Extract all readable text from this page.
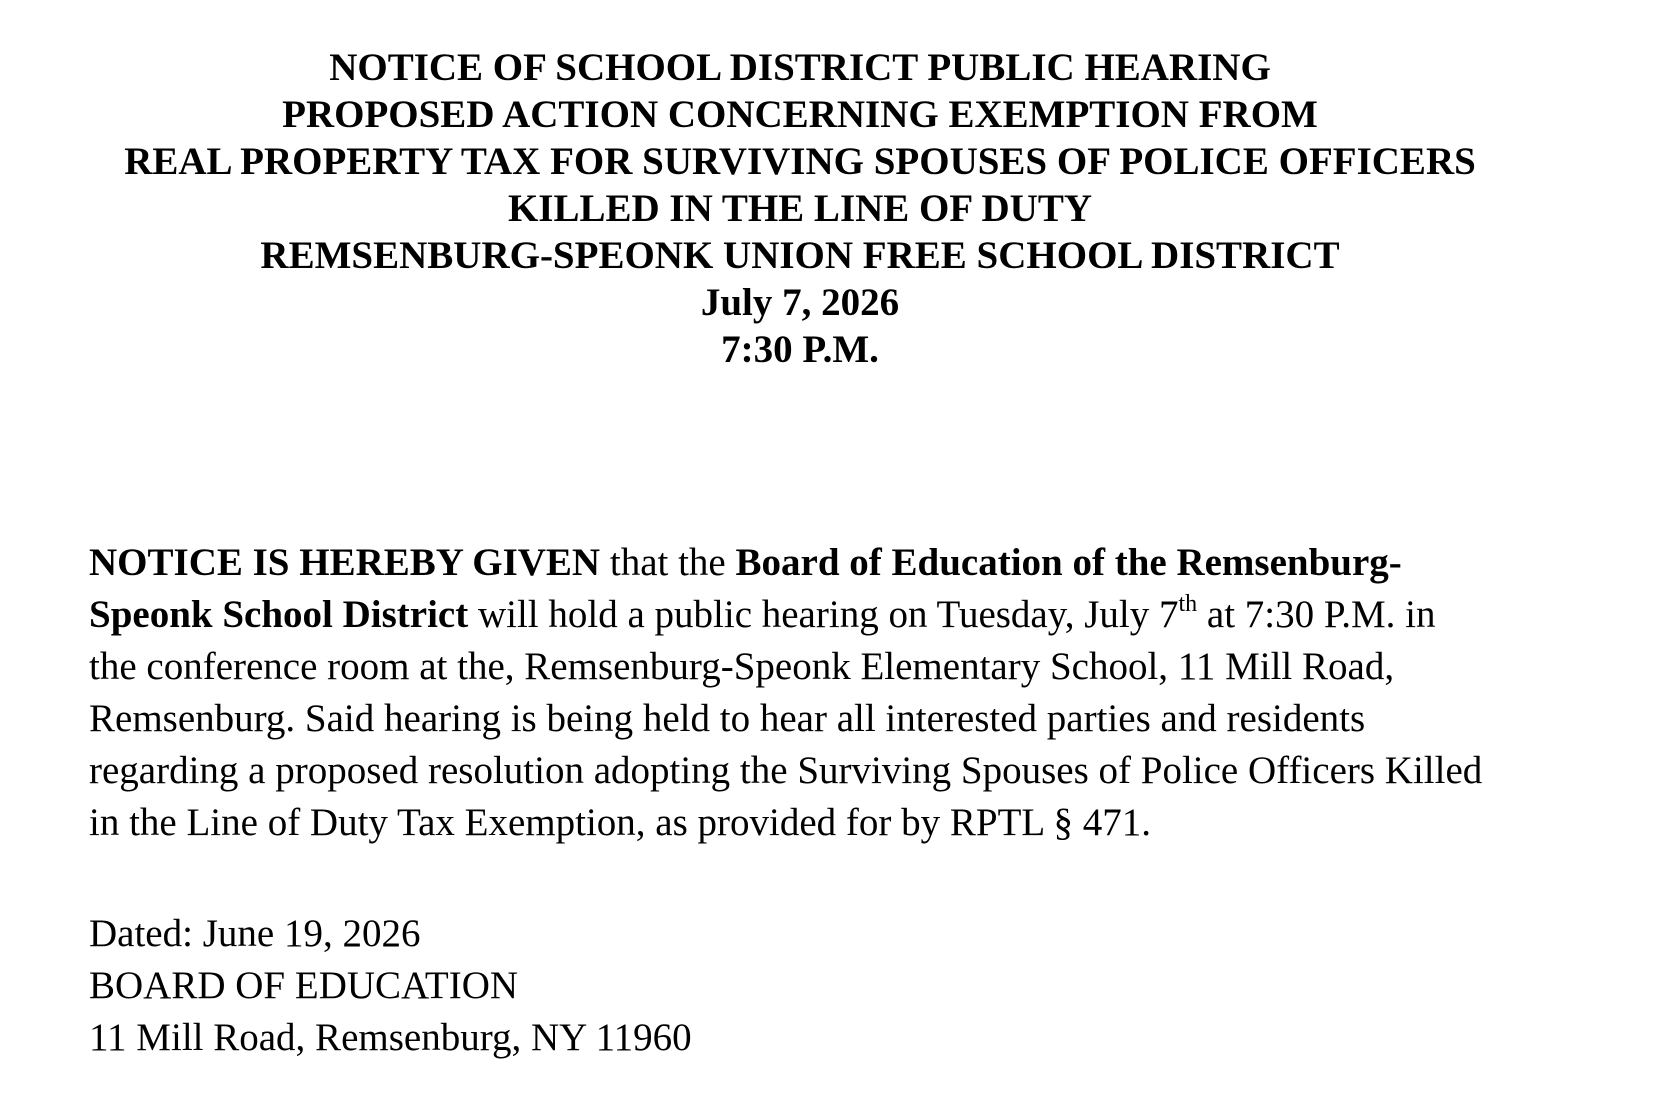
NOTICE OF SCHOOL DISTRICT PUBLIC HEARING
PROPOSED ACTION CONCERNING EXEMPTION FROM
REAL PROPERTY TAX FOR SURVIVING SPOUSES OF POLICE OFFICERS
KILLED IN THE LINE OF DUTY
REMSENBURG-SPEONK UNION FREE SCHOOL DISTRICT
July 7, 2026
7:30 P.M.
NOTICE IS HEREBY GIVEN that the Board of Education of the Remsenburg-
Speonk School District will hold a public hearing on Tuesday, July 7th at 7:30 P.M. in
the conference room at the, Remsenburg-Speonk Elementary School, 11 Mill Road,
Remsenburg. Said hearing is being held to hear all interested parties and residents
regarding a proposed resolution adopting the Surviving Spouses of Police Officers Killed
in the Line of Duty Tax Exemption, as provided for by RPTL § 471.
Dated: June 19, 2026
BOARD OF EDUCATION
11 Mill Road, Remsenburg, NY 11960
